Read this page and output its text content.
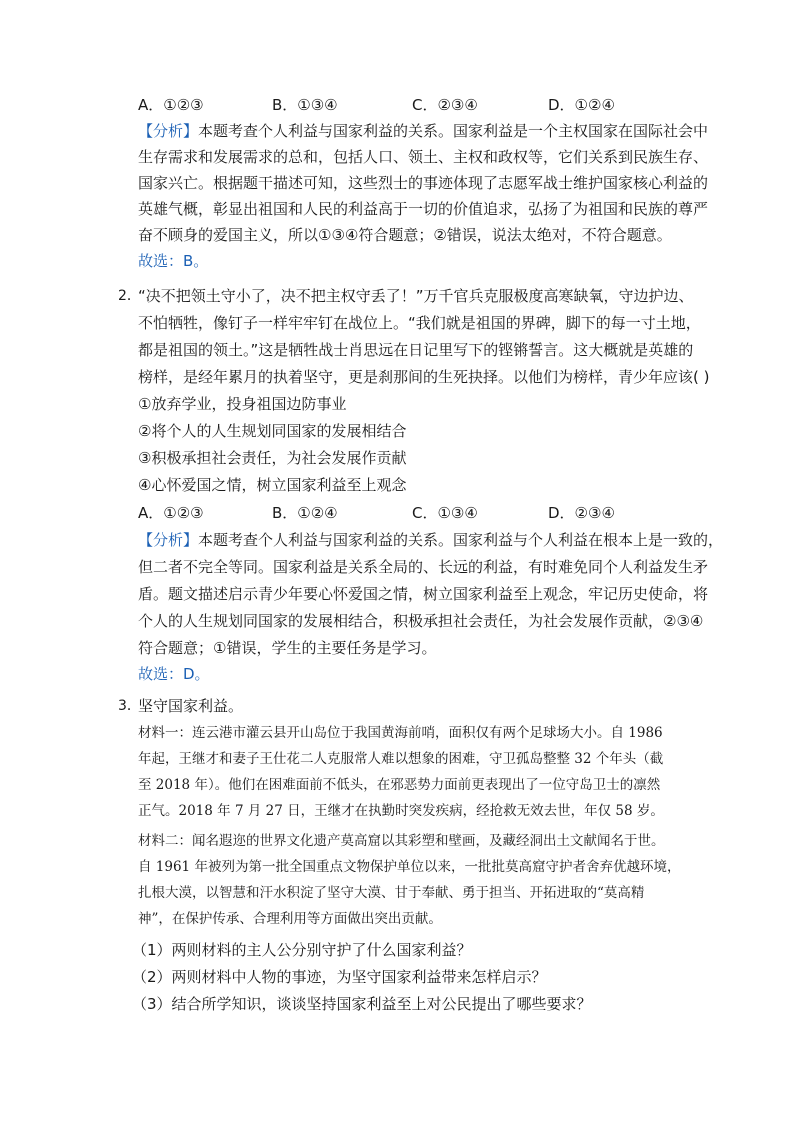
A．①②③	B．①③④	C．②③④	D．①②④
【分析】本题考查个人利益与国家利益的关系。国家利益是一个主权国家在国际社会中
生存需求和发展需求的总和，包括人口、领土、主权和政权等，它们关系到民族生存、
国家兴亡。根据题干描述可知，这些烈士的事迹体现了志愿军战士维护国家核心利益的
英雄气概，彰显出祖国和人民的利益高于一切的价值追求，弘扬了为祖国和民族的尊严
奋不顾身的爱国主义，所以①③④符合题意；②错误，说法太绝对，不符合题意。
故选：B。
2．
“决不把领土守小了，决不把主权守丢了！”万千官兵克服极度高寒缺氧，守边护边、
不怕牺牲，像钉子一样牢牢钉在战位上。“我们就是祖国的界碑，脚下的每一寸土地，
都是祖国的领土。”这是牺牲战士肖思远在日记里写下的铿锵誓言。这大概就是英雄的
榜样，是经年累月的执着坚守，更是刹那间的生死抉择。以他们为榜样，青少年应该( )
①放弃学业，投身祖国边防事业
②将个人的人生规划同国家的发展相结合
③积极承担社会责任，为社会发展作贡献
④心怀爱国之情，树立国家利益至上观念
A．①②③	B．①②④	C．①③④	D．②③④
【分析】本题考查个人利益与国家利益的关系。国家利益与个人利益在根本上是一致的，
但二者不完全等同。国家利益是关系全局的、长远的利益，有时难免同个人利益发生矛
盾。题文描述启示青少年要心怀爱国之情，树立国家利益至上观念，牢记历史使命，将
个人的人生规划同国家的发展相结合，积极承担社会责任，为社会发展作贡献，②③④
符合题意；①错误，学生的主要任务是学习。
故选：D。
3．
坚守国家利益。
材料一：连云港市灌云县开山岛位于我国黄海前哨，面积仅有两个足球场大小。自 1986
年起，王继才和妻子王仕花二人克服常人难以想象的困难，守卫孤岛整整 32 个年头（截
至 2018 年）。他们在困难面前不低头，在邪恶势力面前更表现出了一位守岛卫士的凛然
正气。2018 年 7 月 27 日，王继才在执勤时突发疾病，经抢救无效去世，年仅 58 岁。
材料二：闻名遐迩的世界文化遗产莫高窟以其彩塑和壁画，及藏经洞出土文献闻名于世。
自 1961 年被列为第一批全国重点文物保护单位以来，一批批莫高窟守护者舍弃优越环境，
扎根大漠，以智慧和汗水积淀了坚守大漠、甘于奉献、勇于担当、开拓进取的“莫高精
神”，在保护传承、合理利用等方面做出突出贡献。
（1）两则材料的主人公分别守护了什么国家利益？
（2）两则材料中人物的事迹，为坚守国家利益带来怎样启示？
（3）结合所学知识，谈谈坚持国家利益至上对公民提出了哪些要求？
